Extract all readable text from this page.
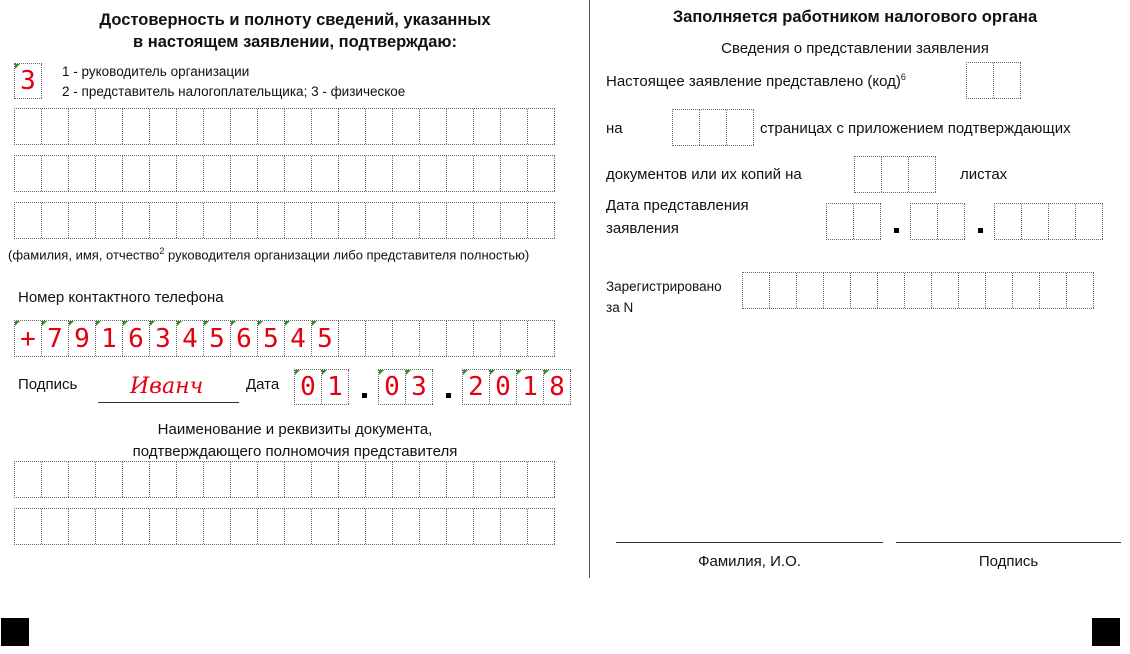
Достоверность и полноту сведений, указанных
в настоящем заявлении, подтверждаю:
3	1 - руководитель организации
2 - представитель налогоплательщика; 3 - физическое
(фамилия, имя, отчество$^2$ руководителя организации либо представителя полностью)
Номер контактного телефона
+ 7 9 1 6 3 4 5 6 5 4 5
Подпись Иванч	Дата 0 1 0 3 2 0 1 8
Наименование и реквизиты документа,
подтверждающего полномочия представителя
Заполняется работником налогового органа
Сведения о представлении заявления
Настоящее заявление представлено (код)$^6$
на	страницах с приложением подтверждающих
документов или их копий на	листах
Дата представления
заявления
Зарегистрировано
за N
Фамилия, И.О.	Подпись
